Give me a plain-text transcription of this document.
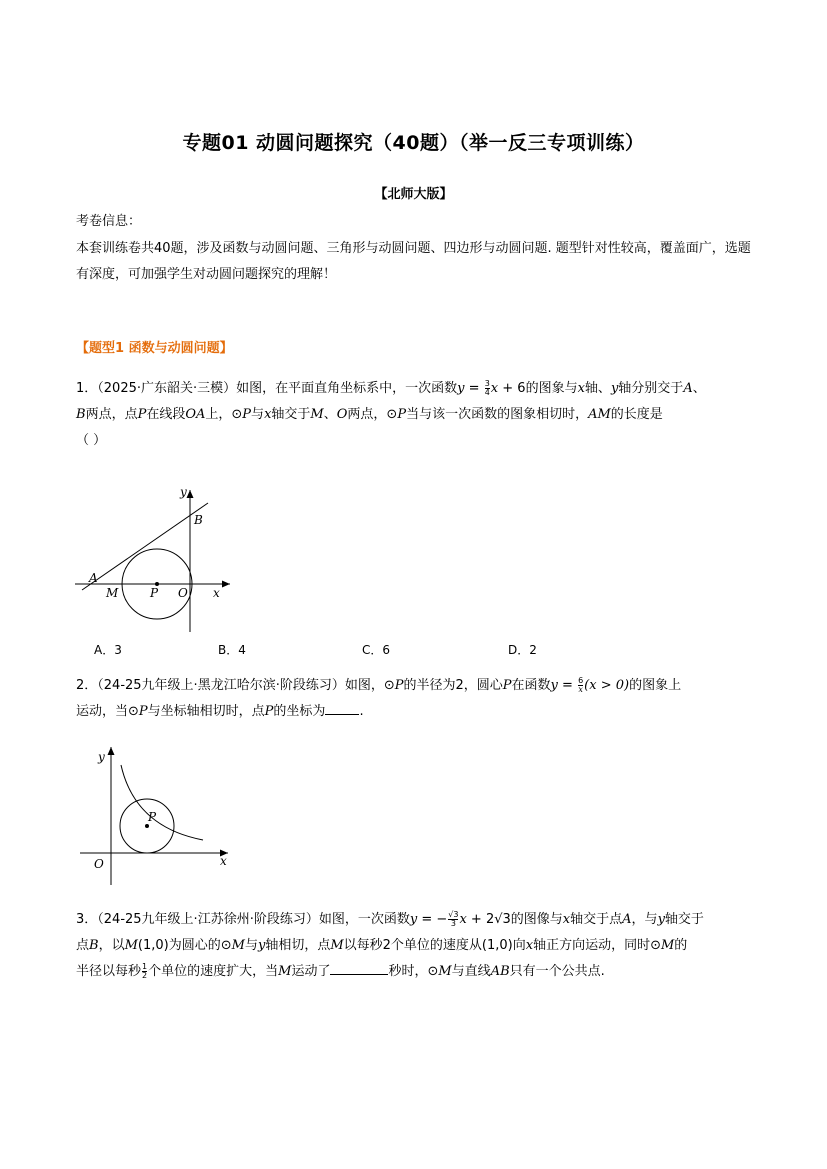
专题01 动圆问题探究（40题）（举一反三专项训练）
【北师大版】
考卷信息：
本套训练卷共40题，涉及函数与动圆问题、三角形与动圆问题、四边形与动圆问题. 题型针对性较高，覆盖面广，选题有深度，可加强学生对动圆问题探究的理解！
【题型1 函数与动圆问题】
1．（2025·广东韶关·三模）如图，在平面直角坐标系中，一次函数$y = \frac{3}{4}$ x + 6的图象与x轴、y轴分别交于A、
B两点，点P在线段OA上，⊙P与x轴交于M、O两点，⊙P当与该一次函数的图象相切时，AM的长度是
（ ）
y
B
A
M	P O x
A．3	B．4	C．6	D．2
2．（24-25九年级上·黑龙江哈尔滨·阶段练习）如图，⊙P的半径为2，圆心P在函数$y = \frac{6}{x} (x > 0)$的图象上
运动，当⊙P与坐标轴相切时，点P的坐标为	.
y
P
O	x
3．（24-25九年级上·江苏徐州·阶段练习）如图，一次函数y = − $\frac{√3}{3}$ x + 2√3的图像与x轴交于点A，与y轴交于
点B，以M(1,0)为圆心的⊙M与y轴相切，点M以每秒2个单位的速度从(1,0)向x轴正方向运动，同时⊙M的
半径以每秒 $\frac{1}{2}$ 个单位的速度扩大，当M运动了	秒时，⊙M与直线AB只有一个公共点.
